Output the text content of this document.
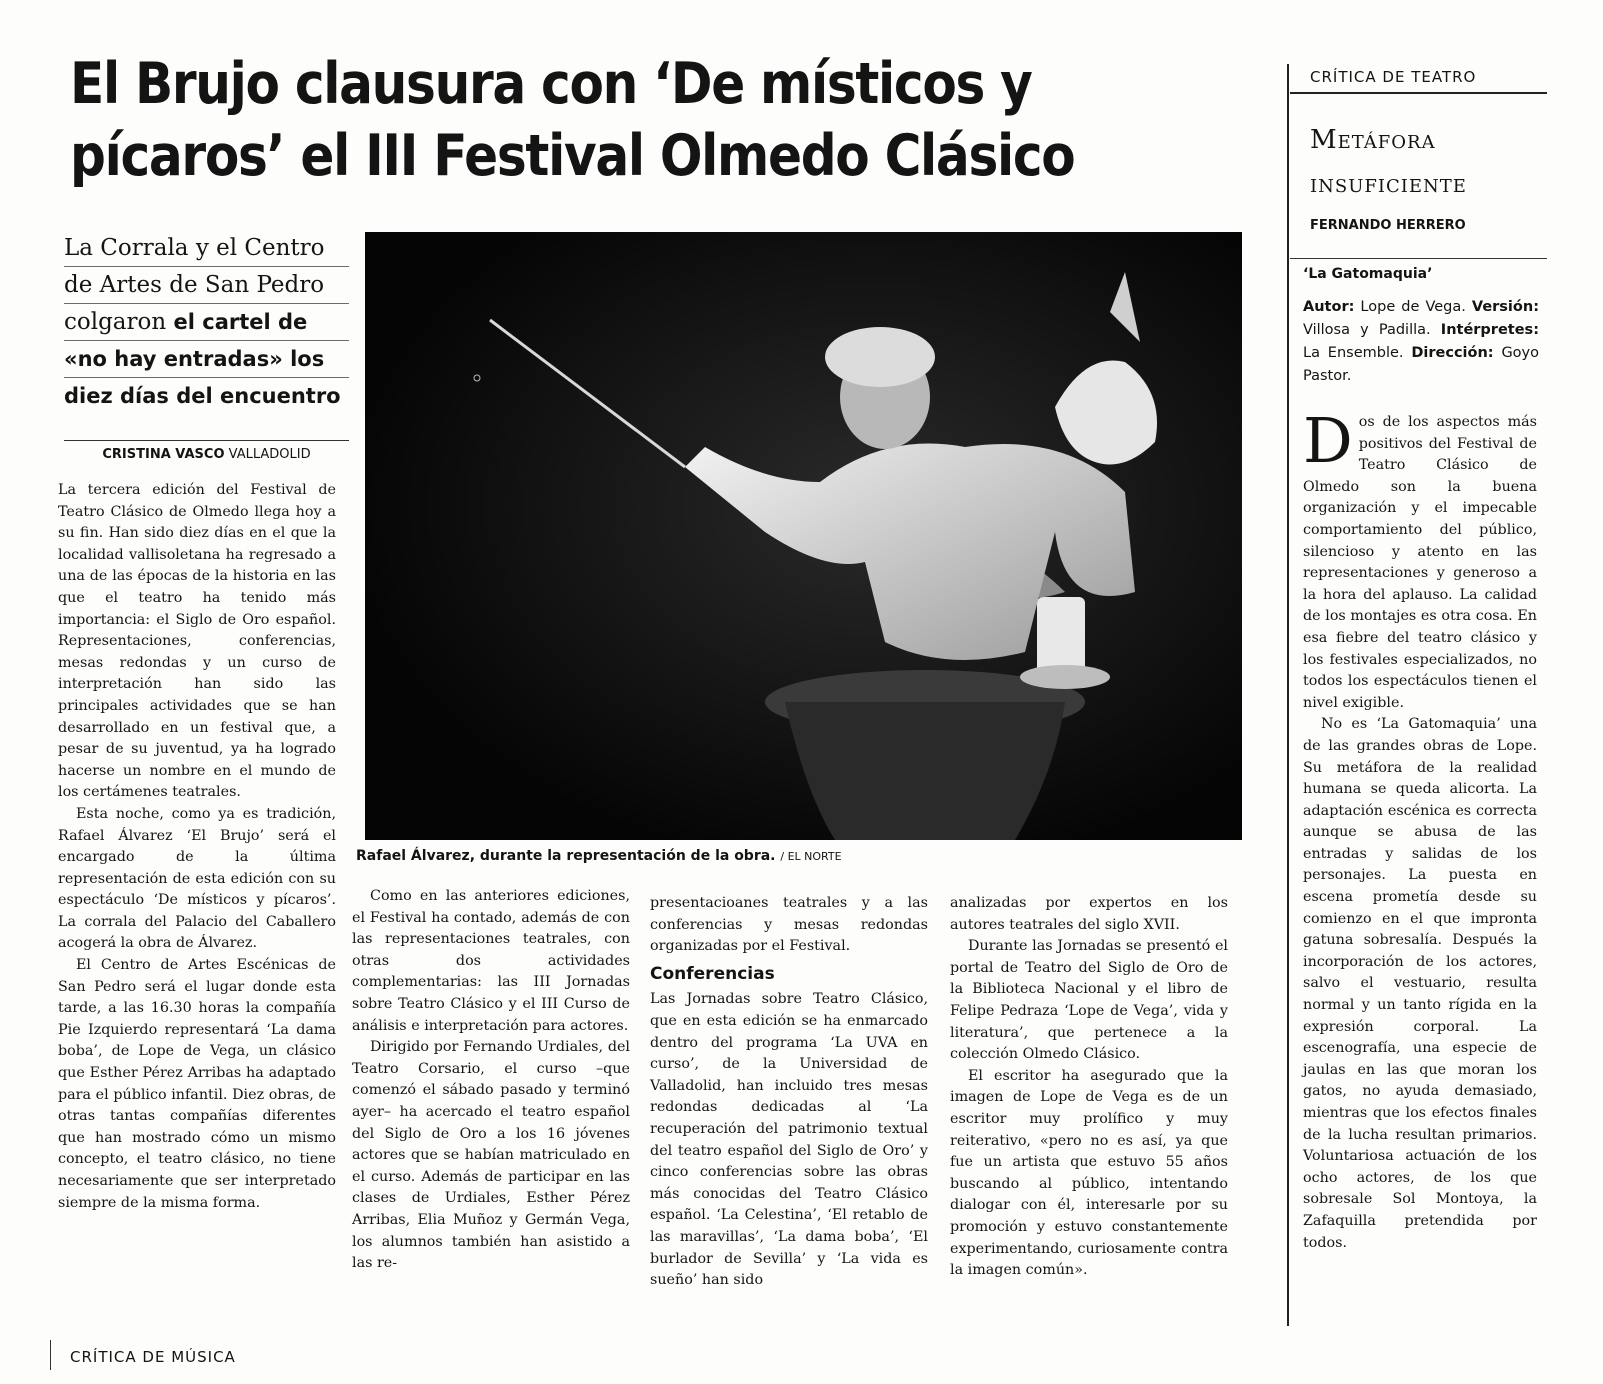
El Brujo clausura con ‘De místicos y
pícaros’ el III Festival Olmedo Clásico
La Corrala y el Centro
de Artes de San Pedro
colgaron el cartel de
«no hay entradas» los
diez días del encuentro
CRISTINA VASCO VALLADOLID

La tercera edición del Festival de Teatro Clásico de Olmedo llega hoy a su fin. Han sido diez días en el que la localidad vallisoletana ha regresado a una de las épocas de la historia en las que el teatro ha tenido más importancia: el Siglo de Oro español. Representaciones, conferencias, mesas redondas y un curso de interpretación han sido las principales actividades que se han desarrollado en un festival que, a pesar de su juventud, ya ha logrado hacerse un nombre en el mundo de los certámenes teatrales.

Esta noche, como ya es tradición, Rafael Álvarez ‘El Brujo’ será el encargado de la última representación de esta edición con su espectáculo ‘De místicos y pícaros’. La corrala del Palacio del Caballero acogerá la obra de Álvarez.

El Centro de Artes Escénicas de San Pedro será el lugar donde esta tarde, a las 16.30 horas la compañía Pie Izquierdo representará ‘La dama boba’, de Lope de Vega, un clásico que Esther Pérez Arribas ha adaptado para el público infantil. Diez obras, de otras tantas compañías diferentes que han mostrado cómo un mismo concepto, el teatro clásico, no tiene necesariamente que ser interpretado siempre de la misma forma.

Rafael Álvarez, durante la representación de la obra. / EL NORTE

Como en las anteriores ediciones, el Festival ha contado, además de con las representaciones teatrales, con otras dos actividades complementarias: las III Jornadas sobre Teatro Clásico y el III Curso de análisis e interpretación para actores.

Dirigido por Fernando Urdiales, del Teatro Corsario, el curso –que comenzó el sábado pasado y terminó ayer– ha acercado el teatro español del Siglo de Oro a los 16 jóvenes actores que se habían matriculado en el curso. Además de participar en las clases de Urdiales, Esther Pérez Arribas, Elia Muñoz y Germán Vega, los alumnos también han asistido a las re-

presentacioanes teatrales y a las conferencias y mesas redondas organizadas por el Festival.

Conferencias

Las Jornadas sobre Teatro Clásico, que en esta edición se ha enmarcado dentro del programa ‘La UVA en curso’, de la Universidad de Valladolid, han incluido tres mesas redondas dedicadas al ‘La recuperación del patrimonio textual del teatro español del Siglo de Oro’ y cinco conferencias sobre las obras más conocidas del Teatro Clásico español. ‘La Celestina’, ‘El retablo de las maravillas’, ‘La dama boba’, ‘El burlador de Sevilla’ y ‘La vida es sueño’ han sido

analizadas por expertos en los autores teatrales del siglo XVII.

Durante las Jornadas se presentó el portal de Teatro del Siglo de Oro de la Biblioteca Nacional y el libro de Felipe Pedraza ‘Lope de Vega’, vida y literatura’, que pertenece a la colección Olmedo Clásico.

El escritor ha asegurado que la imagen de Lope de Vega es de un escritor muy prolífico y muy reiterativo, «pero no es así, ya que fue un artista que estuvo 55 años buscando al público, intentando dialogar con él, interesarle por su promoción y estuvo constantemente experimentando, curiosamente contra la imagen común».

CRÍTICA DE TEATRO
Metáfora
insuficiente
FERNANDO HERRERO
‘La Gatomaquia’
Autor: Lope de Vega. Versión: Villosa y Padilla. Intérpretes: La Ensemble. Dirección: Goyo Pastor.

Dos de los aspectos más positivos del Festival de Teatro Clásico de Olmedo son la buena organización y el impecable comportamiento del público, silencioso y atento en las representaciones y generoso a la hora del aplauso. La calidad de los montajes es otra cosa. En esa fiebre del teatro clásico y los festivales especializados, no todos los espectáculos tienen el nivel exigible.

No es ‘La Gatomaquia’ una de las grandes obras de Lope. Su metáfora de la realidad humana se queda alicorta. La adaptación escénica es correcta aunque se abusa de las entradas y salidas de los personajes. La puesta en escena prometía desde su comienzo en el que impronta gatuna sobresalía. Después la incorporación de los actores, salvo el vestuario, resulta normal y un tanto rígida en la expresión corporal. La escenografía, una especie de jaulas en las que moran los gatos, no ayuda demasiado, mientras que los efectos finales de la lucha resultan primarios. Voluntariosa actuación de los ocho actores, de los que sobresale Sol Montoya, la Zafaquilla pretendida por todos.

CRÍTICA DE MÚSICA
